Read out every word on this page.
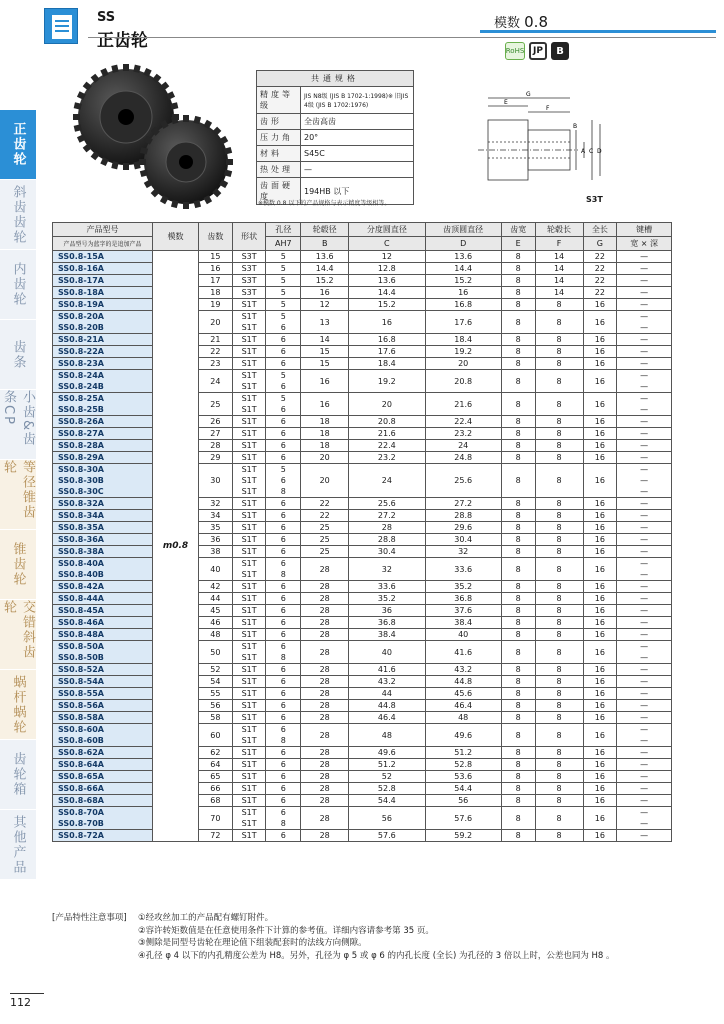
SS
正齿轮
模数 0.8
RoHS JP	B
正齿轮
斜齿齿轮
内齿轮
齿条
小齿&齿条CP
等径锥齿轮
锥齿轮
交错斜齿轮
蜗杆蜗轮
齿轮箱
其他产品
共通规格	
精度等级	JIS N8级 (JIS B 1702-1:1998)※ 旧JIS 4级 (JIS B 1702:1976)
齿形	全齿高齿
压力角	20°
材料	S45C
热处理	—
齿面硬度	194HB 以下
※模数 0.8 以下的产品规格与表示精度等级相等。
G
E
F
B
A C D
S3T
产品型号	模数	齿数	形状	孔径	轮毂径	分度圆直径	齿顶圆直径	齿宽	轮毂长	全长	键槽
产品型号为蓝字的是追加产品				AH7	B	C	D	E	F	G	宽 × 深
SS0.8-15A	m0.8	15	S3T	5	13.6	12	13.6	8	14	22	—
SS0.8-16A		16	S3T	5	14.4	12.8	14.4	8	14	22	—
SS0.8-17A		17	S3T	5	15.2	13.6	15.2	8	14	22	—
SS0.8-18A		18	S3T	5	16	14.4	16	8	14	22	—
SS0.8-19A		19	S1T	5	12	15.2	16.8	8	8	16	—
SS0.8-20A		20	S1T	5	13	16	17.6	8	8	16	—
SS0.8-20B			S1T	6							—
SS0.8-21A		21	S1T	6	14	16.8	18.4	8	8	16	—
SS0.8-22A		22	S1T	6	15	17.6	19.2	8	8	16	—
SS0.8-23A		23	S1T	6	15	18.4	20	8	8	16	—
SS0.8-24A		24	S1T	5	16	19.2	20.8	8	8	16	—
SS0.8-24B			S1T	6							—
SS0.8-25A		25	S1T	5	16	20	21.6	8	8	16	—
SS0.8-25B			S1T	6							—
SS0.8-26A		26	S1T	6	18	20.8	22.4	8	8	16	—
SS0.8-27A		27	S1T	6	18	21.6	23.2	8	8	16	—
SS0.8-28A		28	S1T	6	18	22.4	24	8	8	16	—
SS0.8-29A		29	S1T	6	20	23.2	24.8	8	8	16	—
SS0.8-30A		30	S1T	5	20	24	25.6	8	8	16	—
SS0.8-30B			S1T	6							—
SS0.8-30C			S1T	8							—
SS0.8-32A		32	S1T	6	22	25.6	27.2	8	8	16	—
SS0.8-34A		34	S1T	6	22	27.2	28.8	8	8	16	—
SS0.8-35A		35	S1T	6	25	28	29.6	8	8	16	—
SS0.8-36A		36	S1T	6	25	28.8	30.4	8	8	16	—
SS0.8-38A		38	S1T	6	25	30.4	32	8	8	16	—
SS0.8-40A		40	S1T	6	28	32	33.6	8	8	16	—
SS0.8-40B			S1T	8							—
SS0.8-42A		42	S1T	6	28	33.6	35.2	8	8	16	—
SS0.8-44A		44	S1T	6	28	35.2	36.8	8	8	16	—
SS0.8-45A		45	S1T	6	28	36	37.6	8	8	16	—
SS0.8-46A		46	S1T	6	28	36.8	38.4	8	8	16	—
SS0.8-48A		48	S1T	6	28	38.4	40	8	8	16	—
SS0.8-50A		50	S1T	6	28	40	41.6	8	8	16	—
SS0.8-50B			S1T	8							—
SS0.8-52A		52	S1T	6	28	41.6	43.2	8	8	16	—
SS0.8-54A		54	S1T	6	28	43.2	44.8	8	8	16	—
SS0.8-55A		55	S1T	6	28	44	45.6	8	8	16	—
SS0.8-56A		56	S1T	6	28	44.8	46.4	8	8	16	—
SS0.8-58A		58	S1T	6	28	46.4	48	8	8	16	—
SS0.8-60A		60	S1T	6	28	48	49.6	8	8	16	—
SS0.8-60B			S1T	8							—
SS0.8-62A		62	S1T	6	28	49.6	51.2	8	8	16	—
SS0.8-64A		64	S1T	6	28	51.2	52.8	8	8	16	—
SS0.8-65A		65	S1T	6	28	52	53.6	8	8	16	—
SS0.8-66A		66	S1T	6	28	52.8	54.4	8	8	16	—
SS0.8-68A		68	S1T	6	28	54.4	56	8	8	16	—
SS0.8-70A		70	S1T	6	28	56	57.6	8	8	16	—
SS0.8-70B			S1T	8							—
SS0.8-72A		72	S1T	6	28	57.6	59.2	8	8	16	—
[产品特性注意事项]	①经攻丝加工的产品配有螺钉附件。
②容许转矩数值是在任意使用条件下计算的参考值。详细内容请参考第 35 页。
③侧除是同型号齿轮在理论值下组装配套时的法线方向侧隙。
④孔径 φ 4 以下的内孔精度公差为 H8。另外，孔径为 φ 5 或 φ 6 的内孔长度 (全长) 为孔径的 3 倍以上时，公差也同为 H8 。
112
